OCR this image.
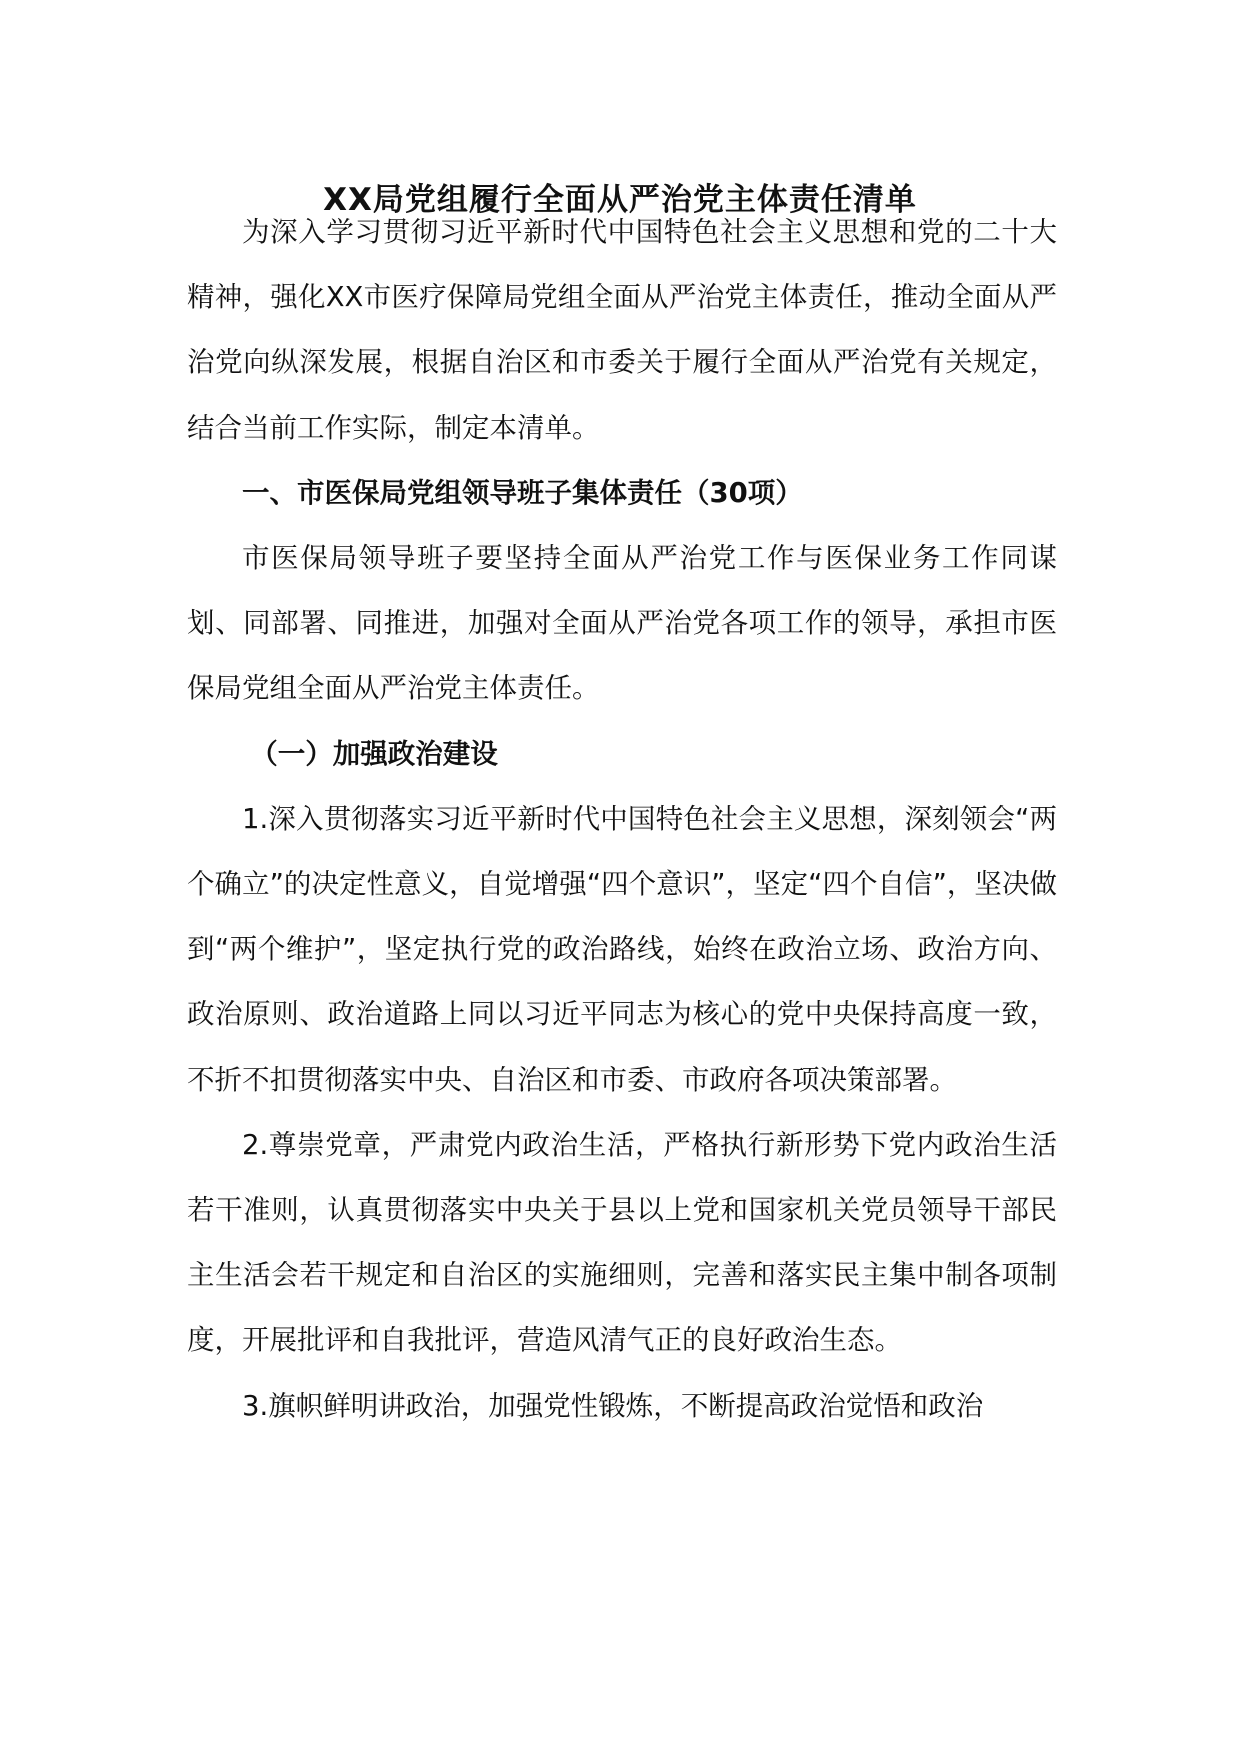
XX局党组履行全面从严治党主体责任清单

为深入学习贯彻习近平新时代中国特色社会主义思想和党的二十大精神，强化XX市医疗保障局党组全面从严治党主体责任，推动全面从严治党向纵深发展，根据自治区和市委关于履行全面从严治党有关规定，结合当前工作实际，制定本清单。

一、市医保局党组领导班子集体责任（30项）

市医保局领导班子要坚持全面从严治党工作与医保业务工作同谋划、同部署、同推进，加强对全面从严治党各项工作的领导，承担市医保局党组全面从严治党主体责任。

（一）加强政治建设

1.深入贯彻落实习近平新时代中国特色社会主义思想，深刻领会“两个确立”的决定性意义，自觉增强“四个意识”，坚定“四个自信”，坚决做到“两个维护”，坚定执行党的政治路线，始终在政治立场、政治方向、政治原则、政治道路上同以习近平同志为核心的党中央保持高度一致，不折不扣贯彻落实中央、自治区和市委、市政府各项决策部署。

2.尊崇党章，严肃党内政治生活，严格执行新形势下党内政治生活若干准则，认真贯彻落实中央关于县以上党和国家机关党员领导干部民主生活会若干规定和自治区的实施细则，完善和落实民主集中制各项制度，开展批评和自我批评，营造风清气正的良好政治生态。

3.旗帜鲜明讲政治，加强党性锻炼，不断提高政治觉悟和政治
